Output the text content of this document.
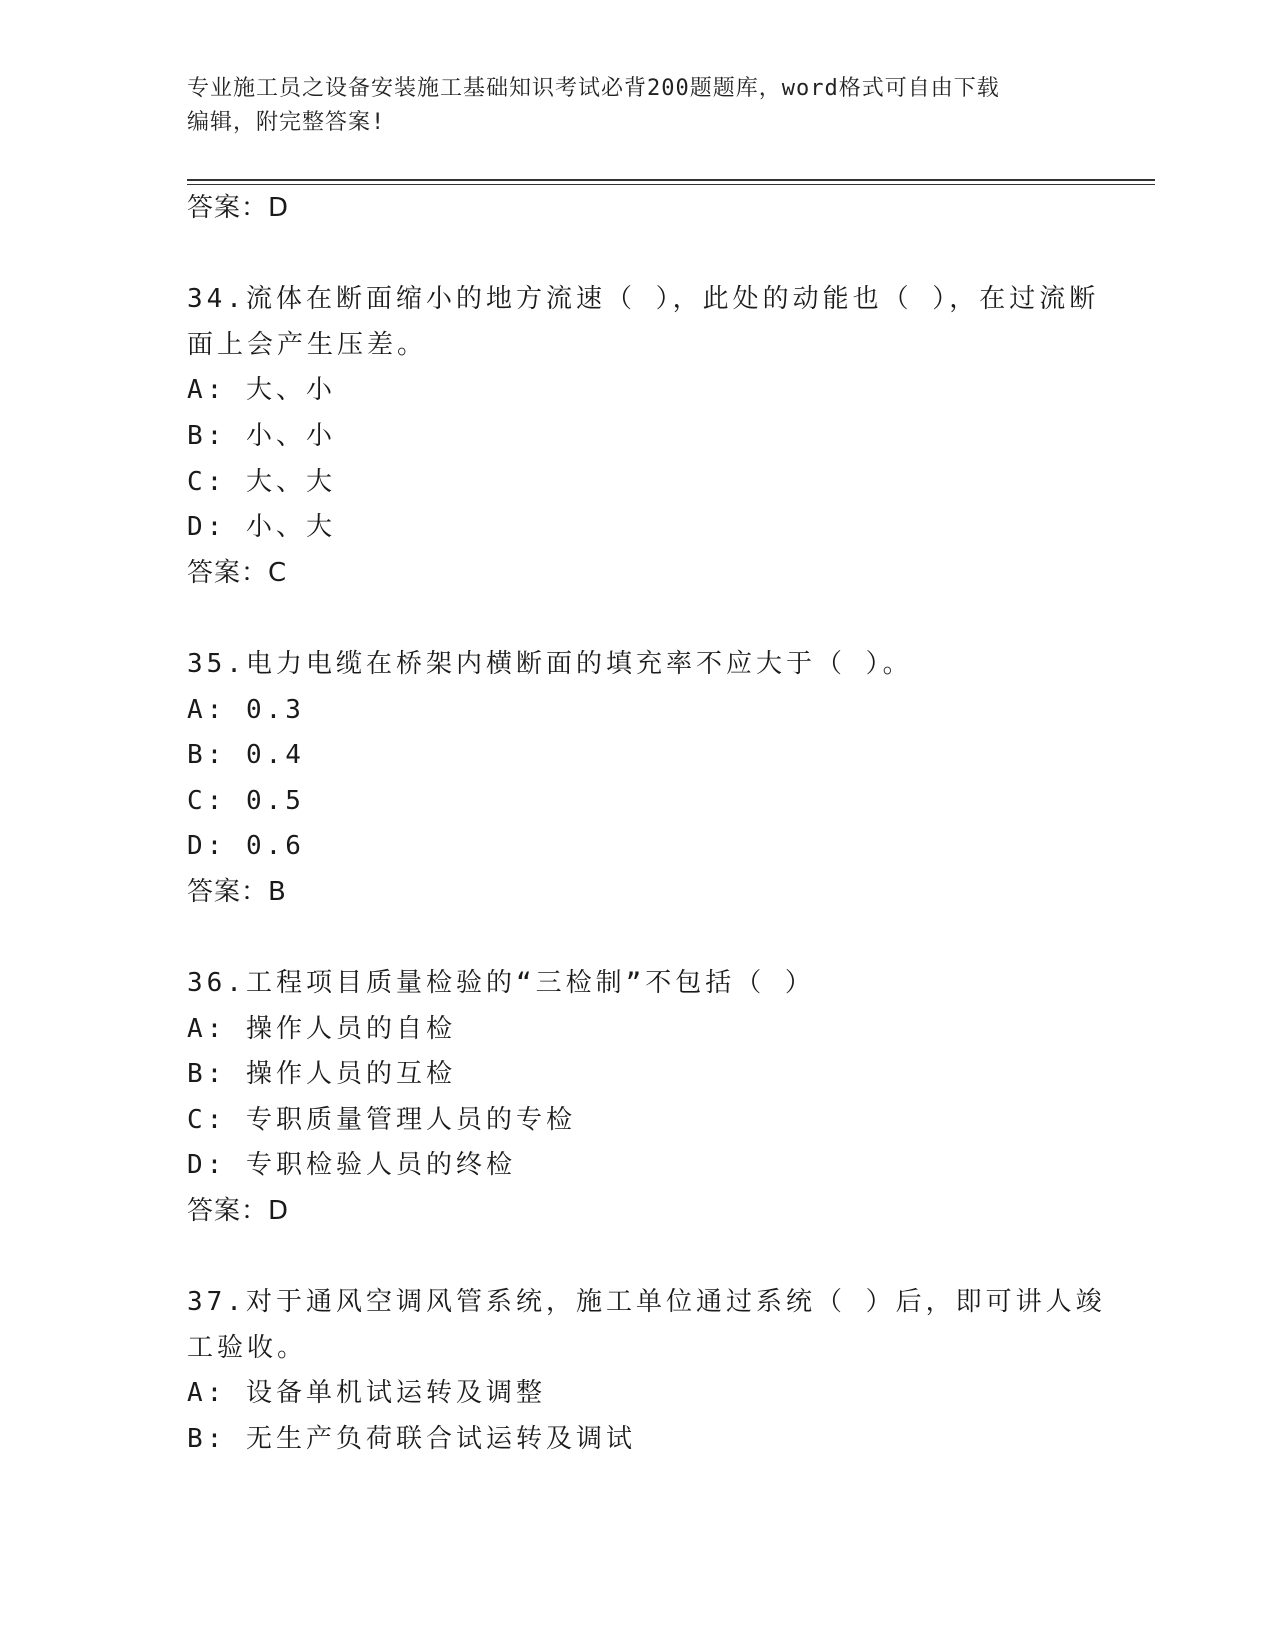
专业施工员之设备安装施工基础知识考试必背200题题库，word格式可自由下载
编辑，附完整答案!
答案：D
34.流体在断面缩小的地方流速（ ），此处的动能也（ ），在过流断
面上会产生压差。
A: 大、小
B: 小、小
C: 大、大
D: 小、大
答案：C
35.电力电缆在桥架内横断面的填充率不应大于（ ）。
A: 0.3
B: 0.4
C: 0.5
D: 0.6
答案：B
36.工程项目质量检验的“三检制”不包括（ ）
A: 操作人员的自检
B: 操作人员的互检
C: 专职质量管理人员的专检
D: 专职检验人员的终检
答案：D
37.对于通风空调风管系统，施工单位通过系统（ ）后，即可讲人竣
工验收。
A: 设备单机试运转及调整
B: 无生产负荷联合试运转及调试
